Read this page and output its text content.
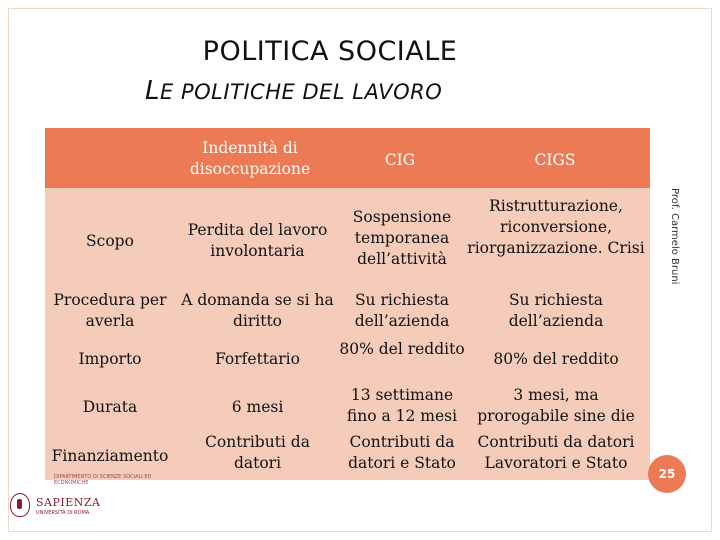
POLITICA SOCIALE
LE POLITICHE DEL LAVORO
Indennità di disoccupazione	CIG	CIGS
Scopo
Procedura per averla
Importo
Durata
Finanziamento
Perdita del lavoro involontaria
A domanda se si ha diritto
Forfettario
6 mesi
Contributi da datori
Sospensione temporanea dell’attività
Su richiesta dell’azienda
80% del reddito
13 settimane fino a 12 mesi
Contributi da datori e Stato
Ristrutturazione, riconversione, riorganizzazione. Crisi
Su richiesta dell’azienda
80% del reddito
3 mesi, ma prorogabile sine die
Contributi da datori Lavoratori e Stato
Prof. Carmelo Bruni
25
DIPARTIMENTO DI SCIENZE SOCIALI ED ECONOMICHE
SAPIENZA
UNIVERSITÀ DI ROMA
